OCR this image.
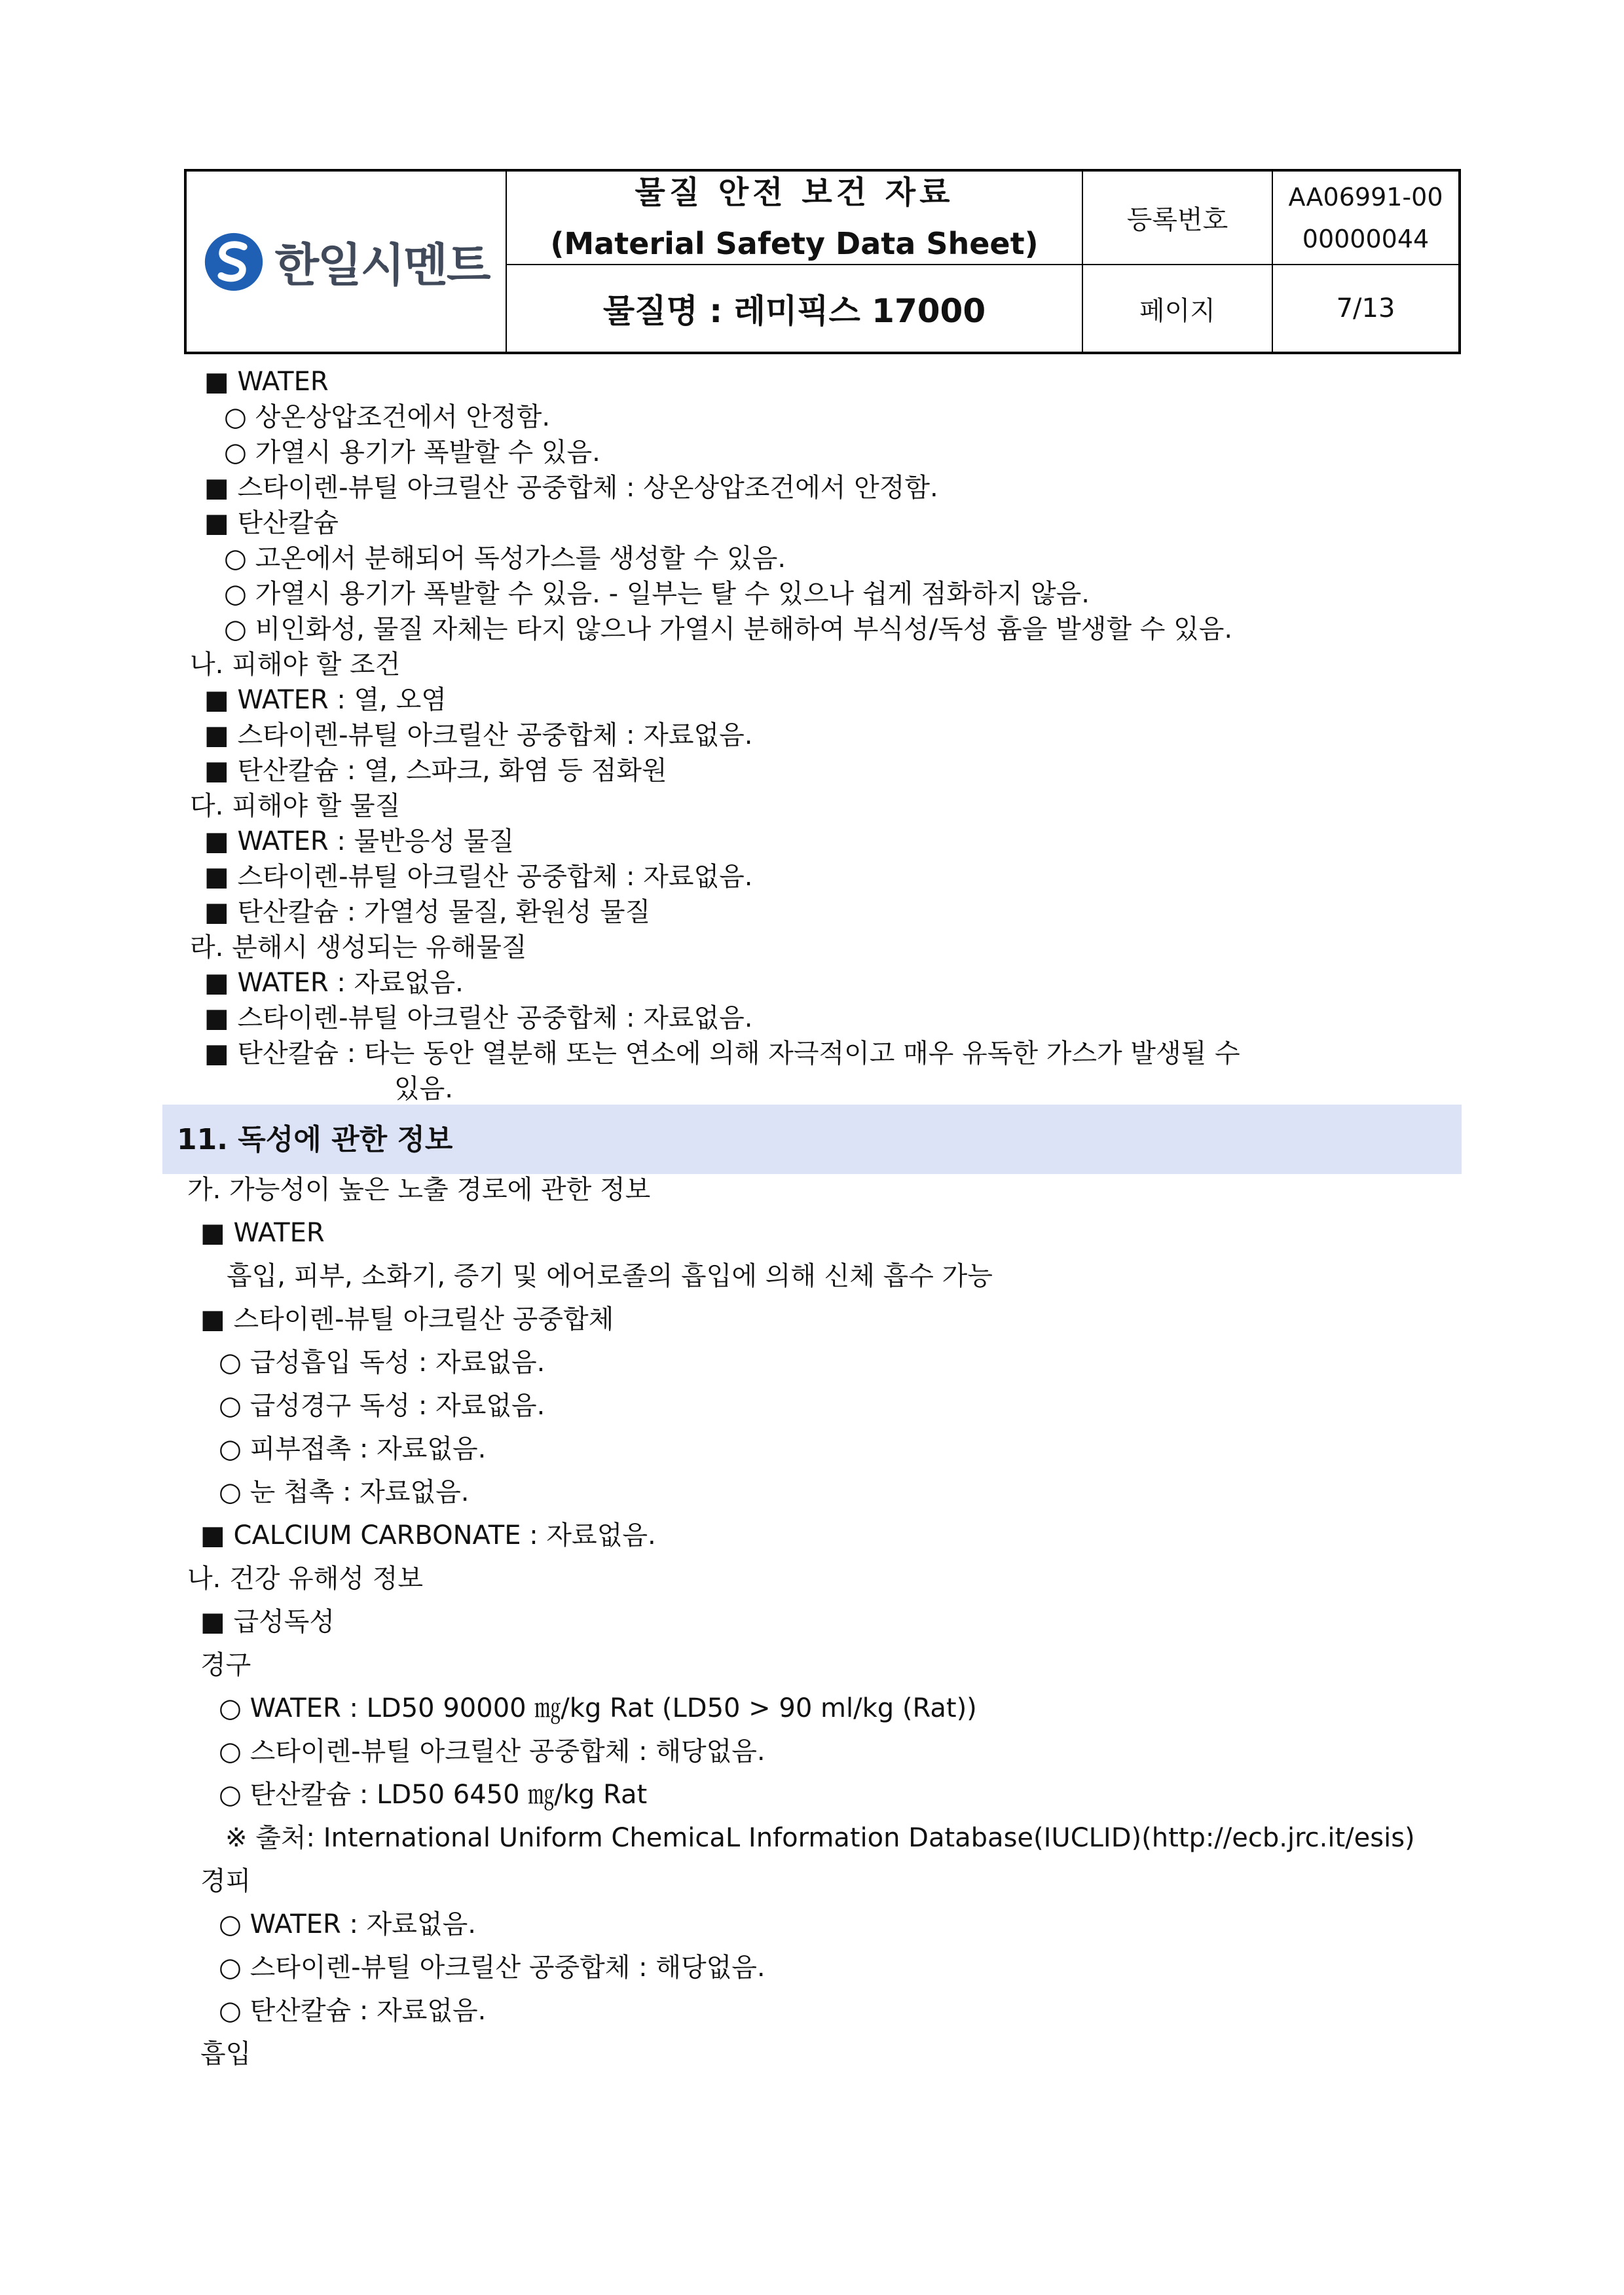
한일시멘트
물질 안전 보건 자료
(Material Safety Data Sheet)
물질명 : 레미픽스 17000
등록번호
AA06991-00
00000044
페이지	7/13
■ WATER
○ 상온상압조건에서 안정함.
○ 가열시 용기가 폭발할 수 있음.
■ 스타이렌-뷰틸 아크릴산 공중합체 : 상온상압조건에서 안정함.
■ 탄산칼슘
○ 고온에서 분해되어 독성가스를 생성할 수 있음.
○ 가열시 용기가 폭발할 수 있음. - 일부는 탈 수 있으나 쉽게 점화하지 않음.
○ 비인화성, 물질 자체는 타지 않으나 가열시 분해하여 부식성/독성 흄을 발생할 수 있음.
나. 피해야 할 조건
■ WATER : 열, 오염
■ 스타이렌-뷰틸 아크릴산 공중합체 : 자료없음.
■ 탄산칼슘 : 열, 스파크, 화염 등 점화원
다. 피해야 할 물질
■ WATER : 물반응성 물질
■ 스타이렌-뷰틸 아크릴산 공중합체 : 자료없음.
■ 탄산칼슘 : 가열성 물질, 환원성 물질
라. 분해시 생성되는 유해물질
■ WATER : 자료없음.
■ 스타이렌-뷰틸 아크릴산 공중합체 : 자료없음.
■ 탄산칼슘 : 타는 동안 열분해 또는 연소에 의해 자극적이고 매우 유독한 가스가 발생될 수
있음.
11. 독성에 관한 정보
가. 가능성이 높은 노출 경로에 관한 정보
■ WATER
흡입, 피부, 소화기, 증기 및 에어로졸의 흡입에 의해 신체 흡수 가능
■ 스타이렌-뷰틸 아크릴산 공중합체
○ 급성흡입 독성 : 자료없음.
○ 급성경구 독성 : 자료없음.
○ 피부접촉 : 자료없음.
○ 눈 첩촉 : 자료없음.
■ CALCIUM CARBONATE : 자료없음.
나. 건강 유해성 정보
■ 급성독성
경구
○ WATER : LD50 90000 ㎎/kg Rat (LD50 > 90 ml/kg (Rat))
○ 스타이렌-뷰틸 아크릴산 공중합체 : 해당없음.
○ 탄산칼슘 : LD50 6450 ㎎/kg Rat
※ 출처: International Uniform ChemicaL Information Database(IUCLID)(http://ecb.jrc.it/esis)
경피
○ WATER : 자료없음.
○ 스타이렌-뷰틸 아크릴산 공중합체 : 해당없음.
○ 탄산칼슘 : 자료없음.
흡입
